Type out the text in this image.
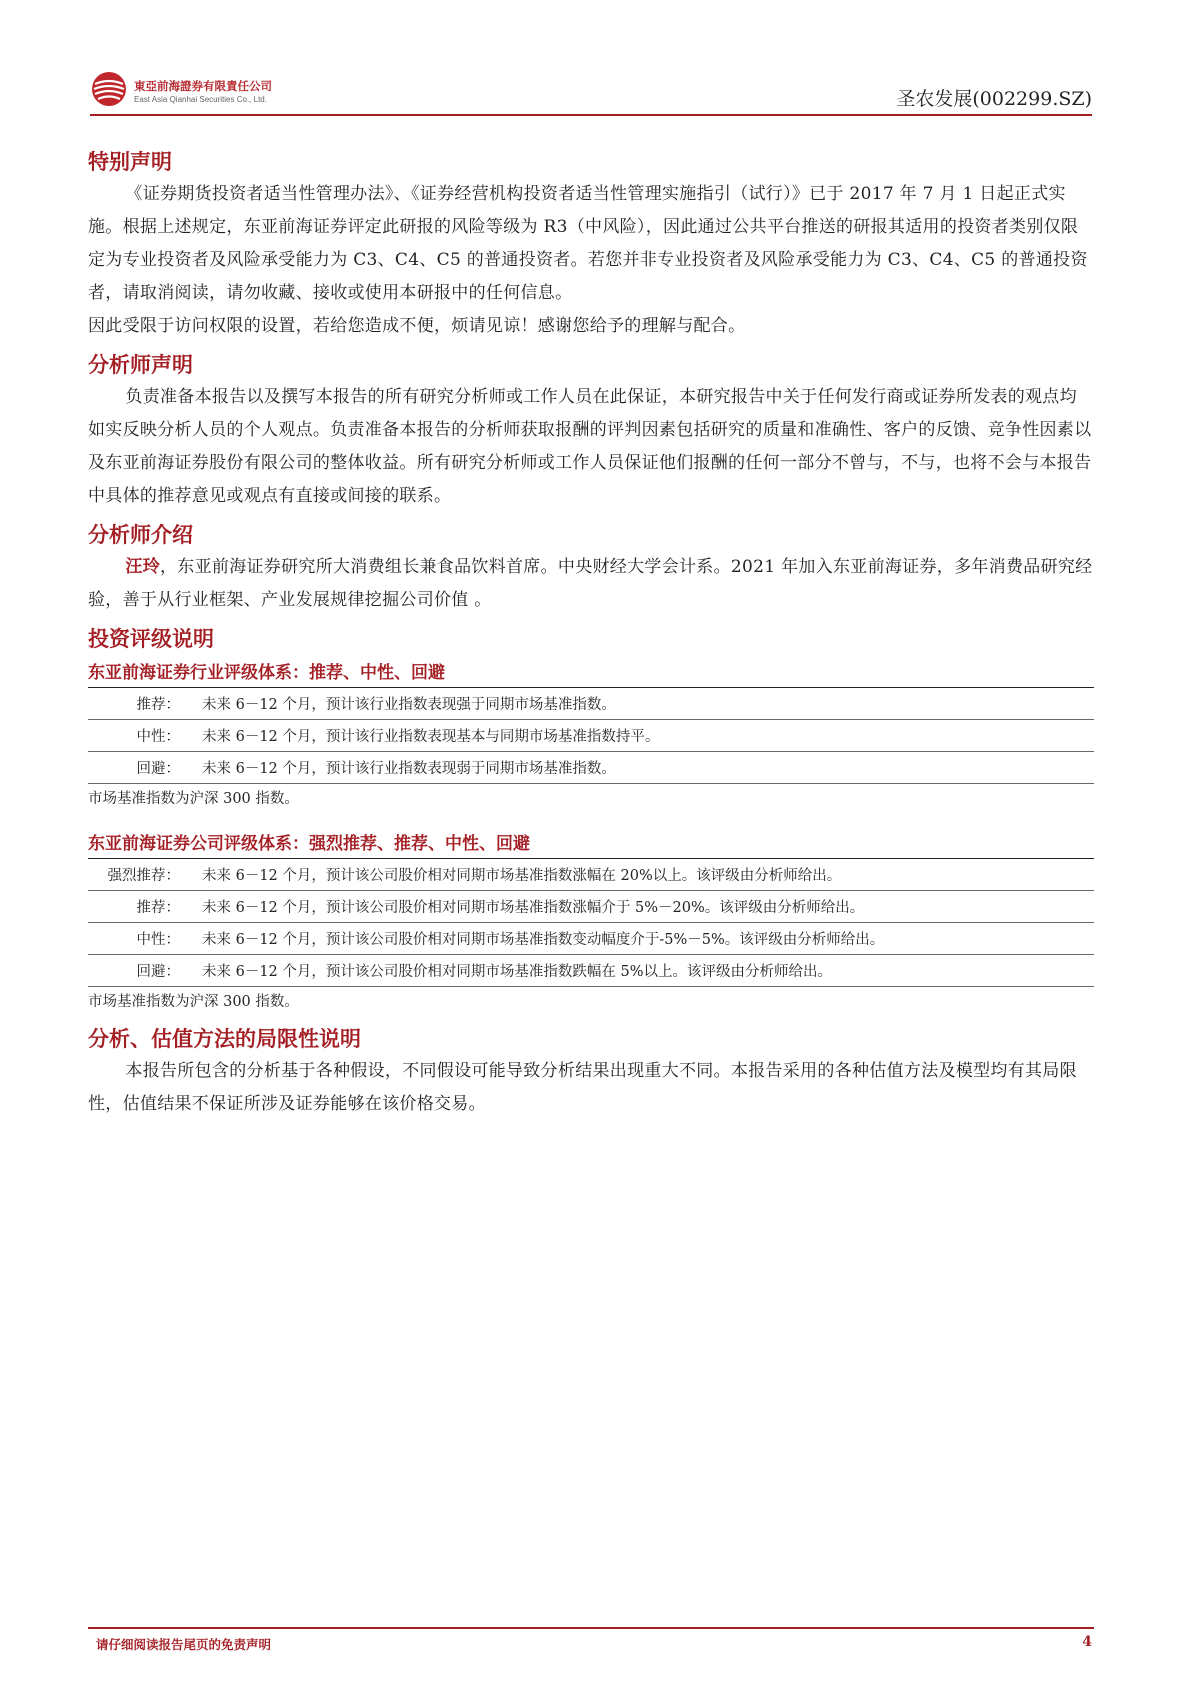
東亞前海證券有限責任公司
East Asia Qianhai Securities Co., Ltd.	圣农发展(002299.SZ)
特别声明

《证券期货投资者适当性管理办法》、《证券经营机构投资者适当性管理实施指引（试行）》已于 2017 年 7 月 1 日起正式实施。根据上述规定，东亚前海证券评定此研报的风险等级为 R3（中风险），因此通过公共平台推送的研报其适用的投资者类别仅限定为专业投资者及风险承受能力为 C3、C4、C5 的普通投资者。若您并非专业投资者及风险承受能力为 C3、C4、C5 的普通投资者，请取消阅读，请勿收藏、接收或使用本研报中的任何信息。

因此受限于访问权限的设置，若给您造成不便，烦请见谅！感谢您给予的理解与配合。

分析师声明

负责准备本报告以及撰写本报告的所有研究分析师或工作人员在此保证，本研究报告中关于任何发行商或证券所发表的观点均如实反映分析人员的个人观点。负责准备本报告的分析师获取报酬的评判因素包括研究的质量和准确性、客户的反馈、竞争性因素以及东亚前海证券股份有限公司的整体收益。所有研究分析师或工作人员保证他们报酬的任何一部分不曾与，不与，也将不会与本报告中具体的推荐意见或观点有直接或间接的联系。

分析师介绍

汪玲，东亚前海证券研究所大消费组长兼食品饮料首席。中央财经大学会计系。2021 年加入东亚前海证券，多年消费品研究经验，善于从行业框架、产业发展规律挖掘公司价值 。

投资评级说明
东亚前海证券行业评级体系：推荐、中性、回避
推荐：	未来 6－12 个月，预计该行业指数表现强于同期市场基准指数。
中性：	未来 6－12 个月，预计该行业指数表现基本与同期市场基准指数持平。
回避：	未来 6－12 个月，预计该行业指数表现弱于同期市场基准指数。
市场基准指数为沪深 300 指数。
东亚前海证券公司评级体系：强烈推荐、推荐、中性、回避
强烈推荐：	未来 6－12 个月，预计该公司股价相对同期市场基准指数涨幅在 20%以上。该评级由分析师给出。
推荐：	未来 6－12 个月，预计该公司股价相对同期市场基准指数涨幅介于 5%－20%。该评级由分析师给出。
中性：	未来 6－12 个月，预计该公司股价相对同期市场基准指数变动幅度介于-5%－5%。该评级由分析师给出。
回避：	未来 6－12 个月，预计该公司股价相对同期市场基准指数跌幅在 5%以上。该评级由分析师给出。
市场基准指数为沪深 300 指数。
分析、估值方法的局限性说明

本报告所包含的分析基于各种假设，不同假设可能导致分析结果出现重大不同。本报告采用的各种估值方法及模型均有其局限性，估值结果不保证所涉及证券能够在该价格交易。

请仔细阅读报告尾页的免责声明	4
